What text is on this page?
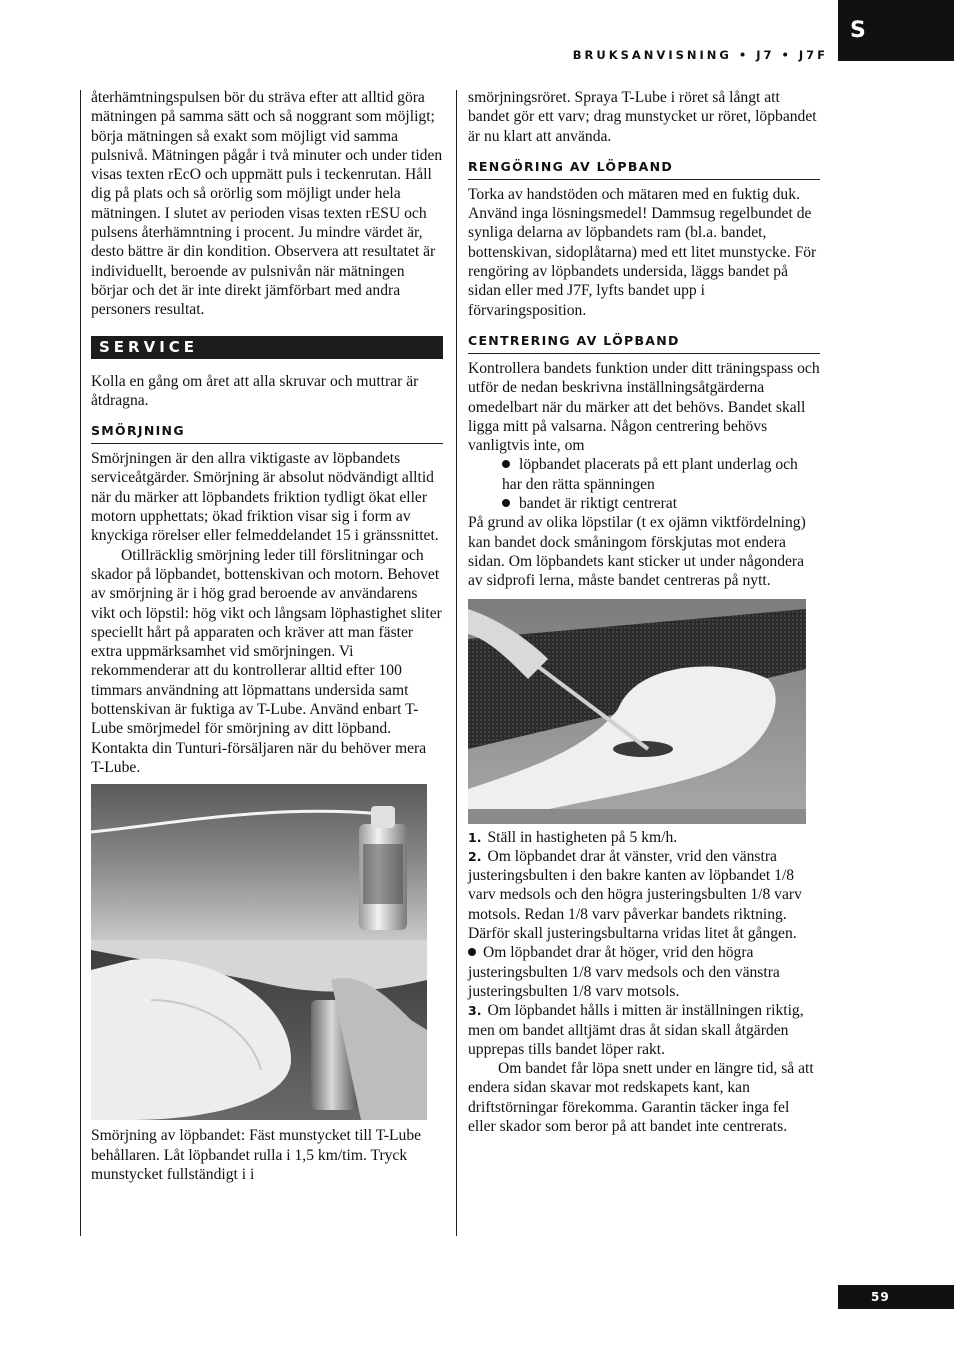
S
BRUKSANVISNING • J7 • J7F

återhämtningspulsen bör du sträva efter att alltid göra mätningen på samma sätt och så noggrant som möjligt; börja mätningen så exakt som möjligt vid samma pulsnivå. Mätningen pågår i två minuter och under tiden visas texten rEcO och uppmätt puls i teckenrutan. Håll dig på plats och så orörlig som möjligt under hela mätningen. I slutet av perioden visas texten rESU och pulsens återhämntning i procent. Ju mindre värdet är, desto bättre är din kondition. Observera att resultatet är individuellt, beroende av pulsnivån när mätningen börjar och det är inte direkt jämförbart med andra personers resultat.

SERVICE

Kolla en gång om året att alla skruvar och muttrar är åtdragna.

SMÖRJNING

Smörjningen är den allra viktigaste av löpbandets serviceåtgärder. Smörjning är absolut nödvändigt alltid när du märker att löpbandets friktion tydligt ökat eller motorn upphettats; ökad friktion visar sig i form av knyckiga rörelser eller felmeddelandet 15 i gränssnittet.

Otillräcklig smörjning leder till förslitningar och skador på löpbandet, bottenskivan och motorn. Behovet av smörjning är i hög grad beroende av användarens vikt och löpstil: hög vikt och långsam löphastighet sliter speciellt hårt på apparaten och kräver att man fäster extra uppmärksamhet vid smörjningen. Vi rekommenderar att du kontrollerar alltid efter 100 timmars användning att löpmattans undersida samt bottenskivan är fuktiga av T-Lube. Använd enbart T-Lube smörjmedel för smörjning av ditt löpband. Kontakta din Tunturi-försäljaren när du behöver mera T-Lube.

Smörjning av löpbandet: Fäst munstycket till T-Lube behållaren. Låt löpbandet rulla i 1,5 km/tim. Tryck munstycket fullständigt i i

smörjningsröret. Spraya T-Lube i röret så långt att bandet gör ett varv; drag munstycket ur röret, löpbandet är nu klart att använda.

RENGÖRING AV LÖPBAND

Torka av handstöden och mätaren med en fuktig duk. Använd inga lösningsmedel! Dammsug regelbundet de synliga delarna av löpbandets ram (bl.a. bandet, bottenskivan, sidoplåtarna) med ett litet munstycke. För rengöring av löpbandets undersida, läggs bandet på sidan eller med J7F, lyfts bandet upp i förvaringsposition.

CENTRERING AV LÖPBAND

Kontrollera bandets funktion under ditt träningspass och utför de nedan beskrivna inställningsåtgärderna omedelbart när du märker att det behövs. Bandet skall ligga mitt på valsarna. Någon centrering behövs vanligtvis inte, om

löpbandet placerats på ett plant underlag och har den rätta spänningen

bandet är riktigt centrerat

På grund av olika löpstilar (t ex ojämn viktfördelning) kan bandet dock småningom förskjutas mot endera sidan. Om löpbandets kant sticker ut under någondera av sidprofi lerna, måste bandet centreras på nytt.

1. Ställ in hastigheten på 5 km/h.

2. Om löpbandet drar åt vänster, vrid den vänstra justeringsbulten i den bakre kanten av löpbandet 1/8 varv medsols och den högra justeringsbulten 1/8 varv motsols. Redan 1/8 varv påverkar bandets riktning. Därför skall justeringsbultarna vridas litet åt gången.

Om löpbandet drar åt höger, vrid den högra justeringsbulten 1/8 varv medsols och den vänstra justeringsbulten 1/8 varv motsols.

3. Om löpbandet hålls i mitten är inställningen riktig, men om bandet alltjämt dras åt sidan skall åtgärden upprepas tills bandet löper rakt.

Om bandet får löpa snett under en längre tid, så att endera sidan skavar mot redskapets kant, kan driftstörningar förekomma. Garantin täcker inga fel eller skador som beror på att bandet inte centrerats.

59
